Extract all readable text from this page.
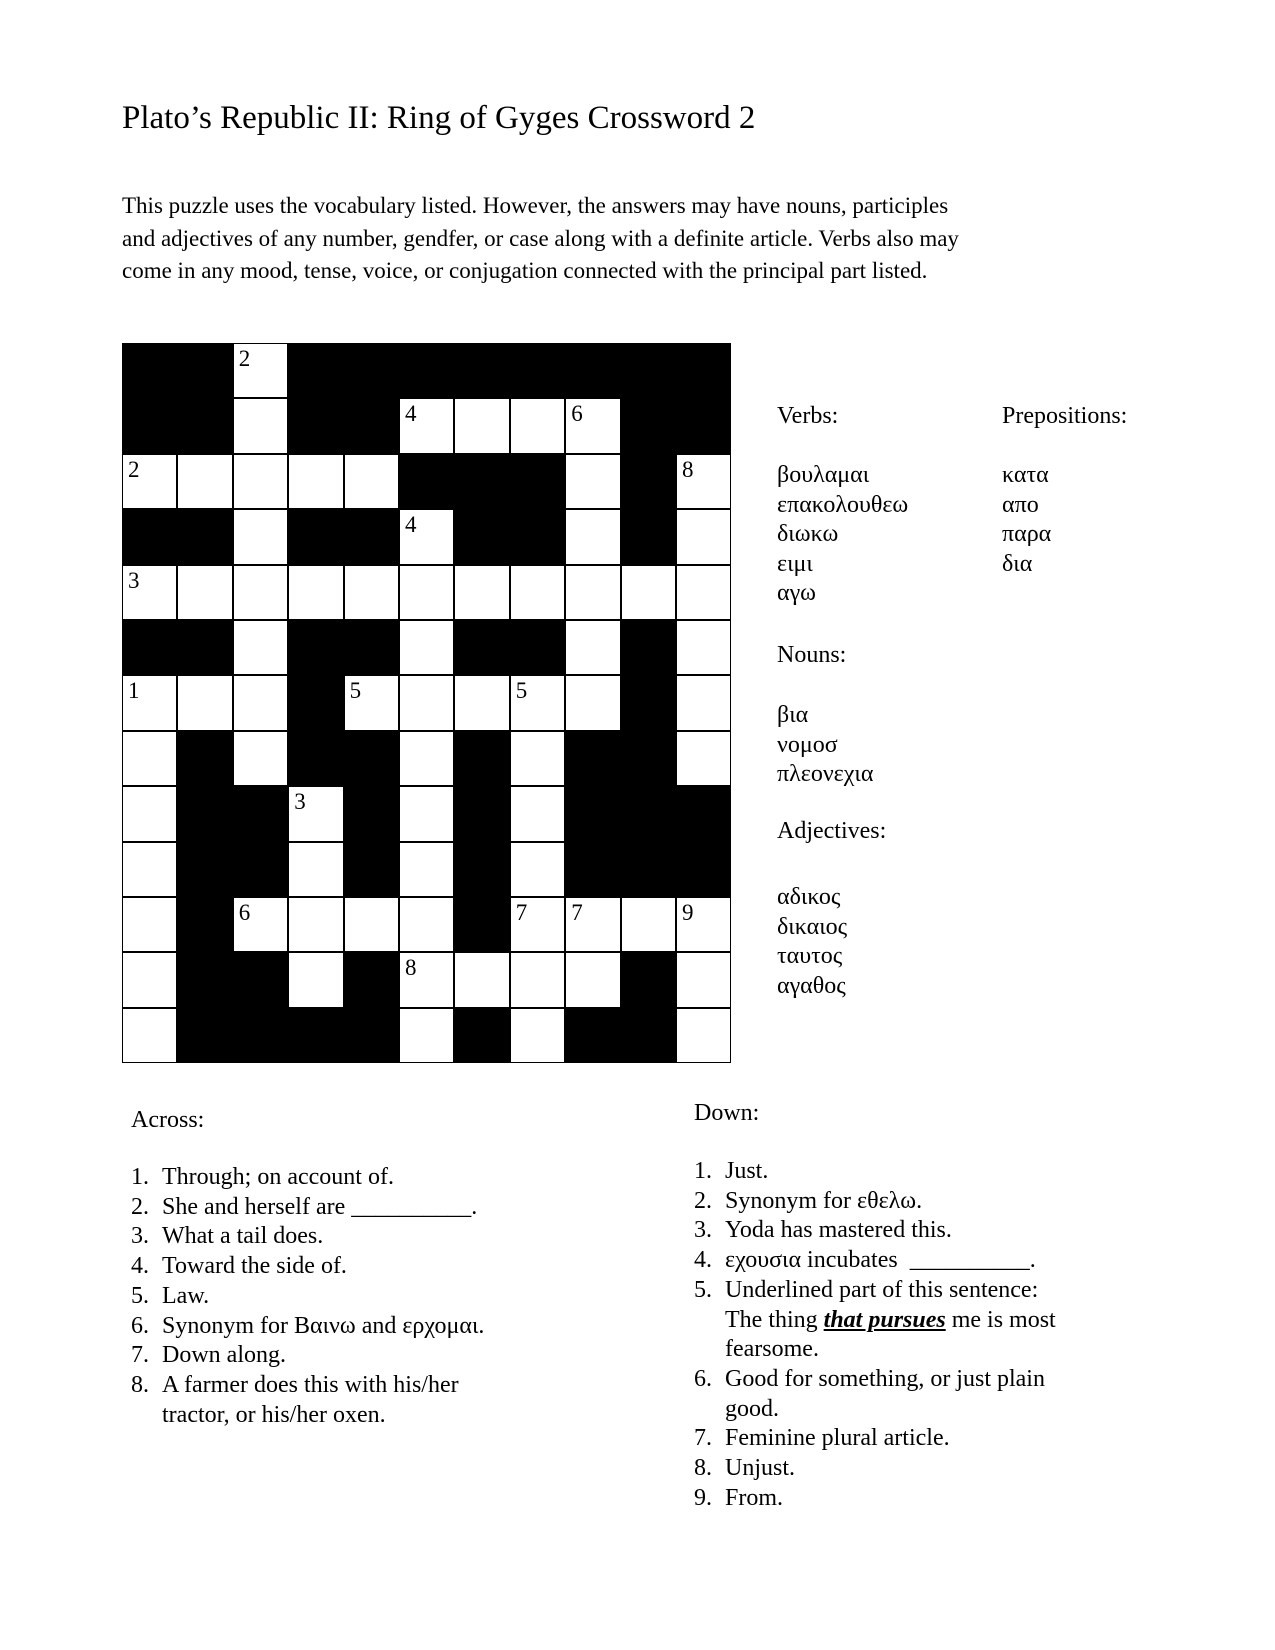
Plato’s Republic II: Ring of Gyges Crossword 2
This puzzle uses the vocabulary listed. However, the answers may have nouns, participles
and adjectives of any number, gendfer, or case along with a definite article. Verbs also may
come in any mood, tense, voice, or conjugation connected with the principal part listed.
2
4	6
2	8
4
3
1	5	5
3
6	7	7	9
8
Verbs:	Prepositions:
βουλαμαι
επακολουθεω
διωκω
ειμι
αγω
κατα
απο
παρα
δια
Nouns:
βια
νομοσ
πλεονεχια
Adjectives:
αδικος
δικαιος
ταυτος
αγαθος
Across:
1. Through; on account of.
2. She and herself are __________.
3. What a tail does.
4. Toward the side of.
5. Law.
6. Synonym for Βαινω and ερχομαι.
7. Down along.
8. A farmer does this with his/her
tractor, or his/her oxen.
Down:
1. Just.
2. Synonym for εθελω.
3. Yoda has mastered this.
4. εχουσια incubates  __________.
5. Underlined part of this sentence:
The thing that pursues me is most
fearsome.
6. Good for something, or just plain
good.
7. Feminine plural article.
8. Unjust.
9. From.
